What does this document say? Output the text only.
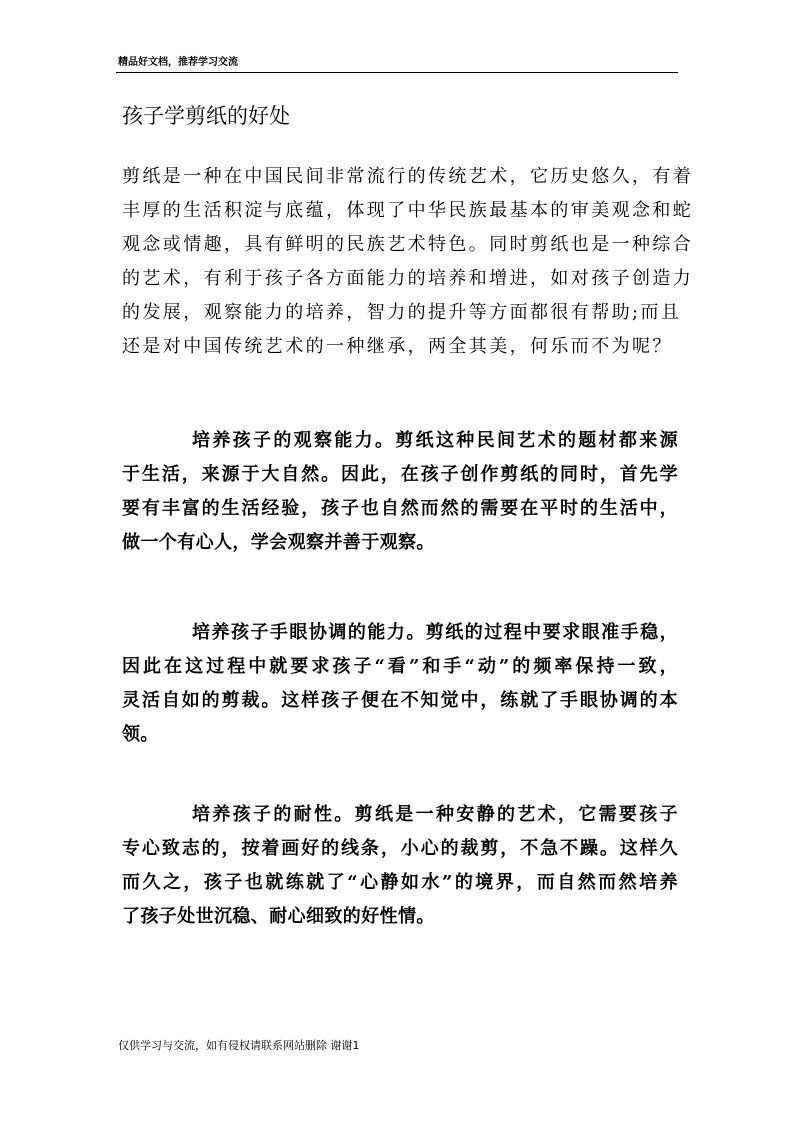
精品好文档，推荐学习交流
孩子学剪纸的好处
剪纸是一种在中国民间非常流行的传统艺术，它历史悠久，有着
丰厚的生活积淀与底蕴，体现了中华民族最基本的审美观念和蛇
观念或情趣，具有鲜明的民族艺术特色。同时剪纸也是一种综合
的艺术，有利于孩子各方面能力的培养和增进，如对孩子创造力
的发展，观察能力的培养，智力的提升等方面都很有帮助;而且
还是对中国传统艺术的一种继承，两全其美，何乐而不为呢？
培养孩子的观察能力。剪纸这种民间艺术的题材都来源
于生活，来源于大自然。因此，在孩子创作剪纸的同时，首先学
要有丰富的生活经验，孩子也自然而然的需要在平时的生活中，
做一个有心人，学会观察并善于观察。
培养孩子手眼协调的能力。剪纸的过程中要求眼准手稳，
因此在这过程中就要求孩子“看”和手“动”的频率保持一致，
灵活自如的剪裁。这样孩子便在不知觉中，练就了手眼协调的本
领。
培养孩子的耐性。剪纸是一种安静的艺术，它需要孩子
专心致志的，按着画好的线条，小心的裁剪，不急不躁。这样久
而久之，孩子也就练就了“心静如水”的境界，而自然而然培养
了孩子处世沉稳、耐心细致的好性情。
仅供学习与交流，如有侵权请联系网站删除 谢谢1
